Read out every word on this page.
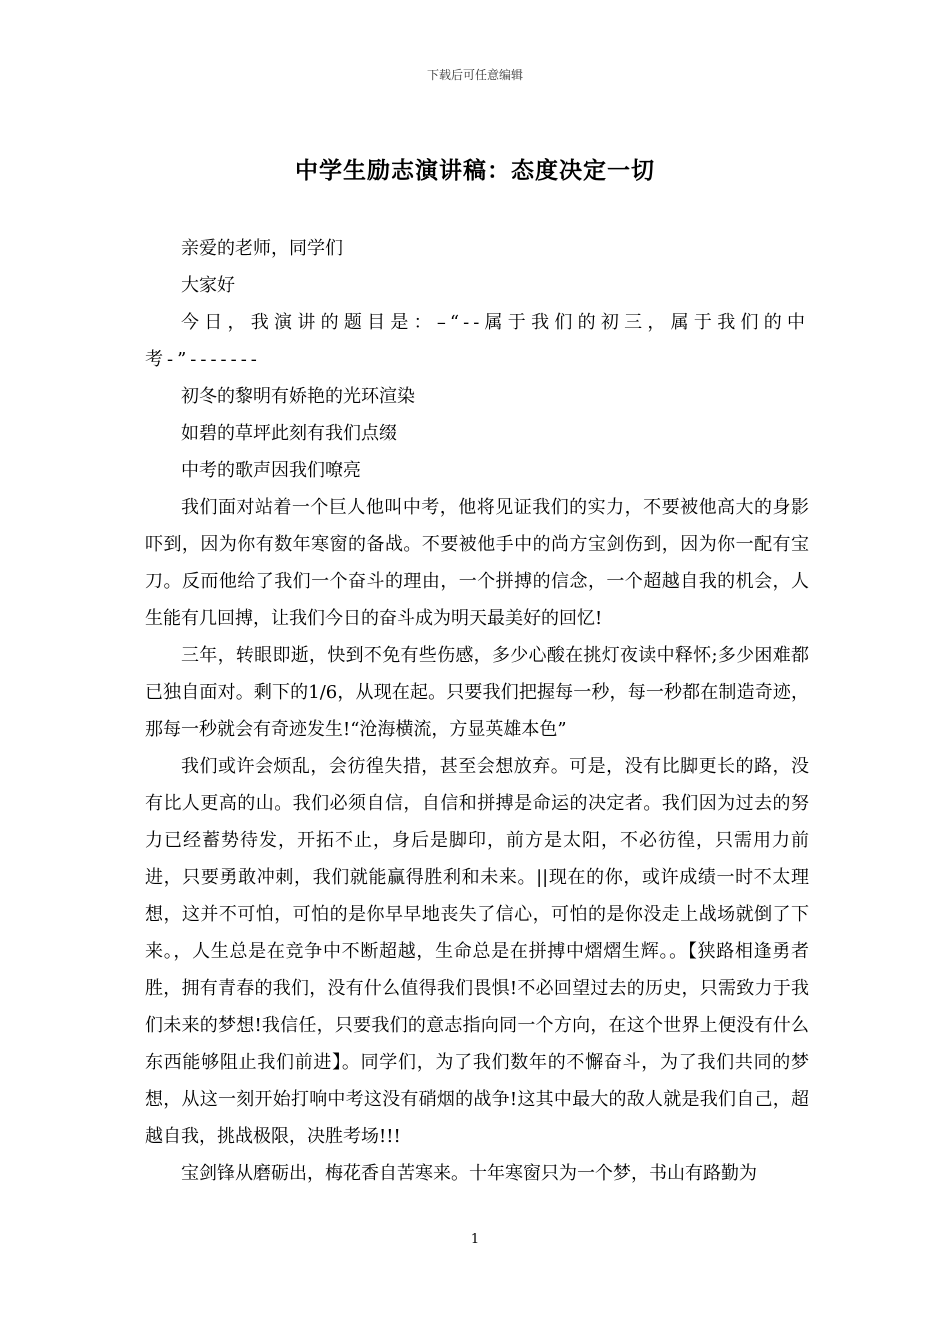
下载后可任意编辑
中学生励志演讲稿：态度决定一切

亲爱的老师，同学们

大家好

今日，我演讲的题目是：–“--属于我们的初三，属于我们的中考-”-------

初冬的黎明有娇艳的光环渲染

如碧的草坪此刻有我们点缀

中考的歌声因我们嘹亮

我们面对站着一个巨人他叫中考，他将见证我们的实力，不要被他高大的身影吓到，因为你有数年寒窗的备战。不要被他手中的尚方宝剑伤到，因为你一配有宝刀。反而他给了我们一个奋斗的理由，一个拼搏的信念，一个超越自我的机会，人生能有几回搏，让我们今日的奋斗成为明天最美好的回忆!

三年，转眼即逝，快到不免有些伤感，多少心酸在挑灯夜读中释怀;多少困难都已独自面对。剩下的1/6，从现在起。只要我们把握每一秒，每一秒都在制造奇迹，那每一秒就会有奇迹发生!“沧海横流，方显英雄本色”

我们或许会烦乱，会彷徨失措，甚至会想放弃。可是，没有比脚更长的路，没有比人更高的山。我们必须自信，自信和拼搏是命运的决定者。我们因为过去的努力已经蓄势待发，开拓不止，身后是脚印，前方是太阳，不必彷徨，只需用力前进，只要勇敢冲刺，我们就能赢得胜利和未来。||现在的你，或许成绩一时不太理想，这并不可怕，可怕的是你早早地丧失了信心，可怕的是你没走上战场就倒了下来。，人生总是在竞争中不断超越，生命总是在拼搏中熠熠生辉。。【狭路相逢勇者胜，拥有青春的我们，没有什么值得我们畏惧!不必回望过去的历史，只需致力于我们未来的梦想!我信任，只要我们的意志指向同一个方向，在这个世界上便没有什么东西能够阻止我们前进】。同学们，为了我们数年的不懈奋斗，为了我们共同的梦想，从这一刻开始打响中考这没有硝烟的战争!这其中最大的敌人就是我们自己，超越自我，挑战极限，决胜考场!!!

宝剑锋从磨砺出，梅花香自苦寒来。十年寒窗只为一个梦，书山有路勤为

1
